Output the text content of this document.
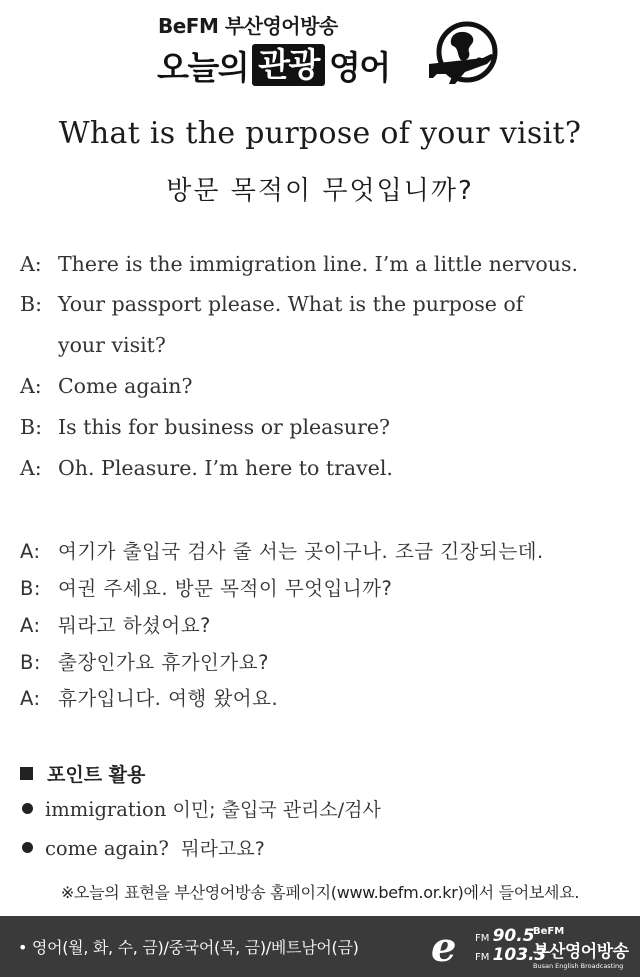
BeFM 부산영어방송
오늘의 관광 영어
What is the purpose of your visit?
방문 목적이 무엇입니까?
A: There is the immigration line. I’m a little nervous.
B: Your passport please. What is the purpose of
your visit?
A: Come again?
B: Is this for business or pleasure?
A: Oh. Pleasure. I’m here to travel.
A: 여기가 출입국 검사 줄 서는 곳이구나. 조금 긴장되는데.
B: 여권 주세요. 방문 목적이 무엇입니까?
A: 뭐라고 하셨어요?
B: 출장인가요 휴가인가요?
A: 휴가입니다. 여행 왔어요.
포인트 활용
immigration 이민; 출입국 관리소/검사
come again? 뭐라고요?
※오늘의 표현을 부산영어방송 홈페이지(www.befm.or.kr)에서 들어보세요.
• 영어(월, 화, 수, 금)/중국어(목, 금)/베트남어(금) e FM 90.5
FM 103.3
BeFM
부산영어방송
Busan English Broadcasting
